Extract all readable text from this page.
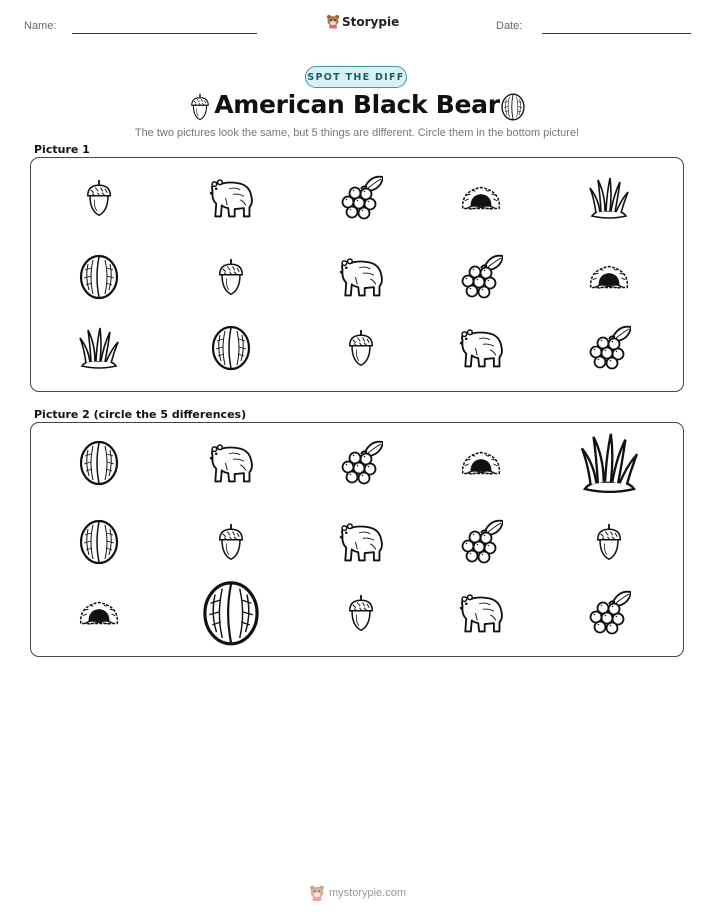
Name:	Storypie	Date:
SPOT THE DIFF
American Black Bear
The two pictures look the same, but 5 things are different. Circle them in the bottom picture!
Picture 1
Picture 2 (circle the 5 differences)
mystorypie.com
